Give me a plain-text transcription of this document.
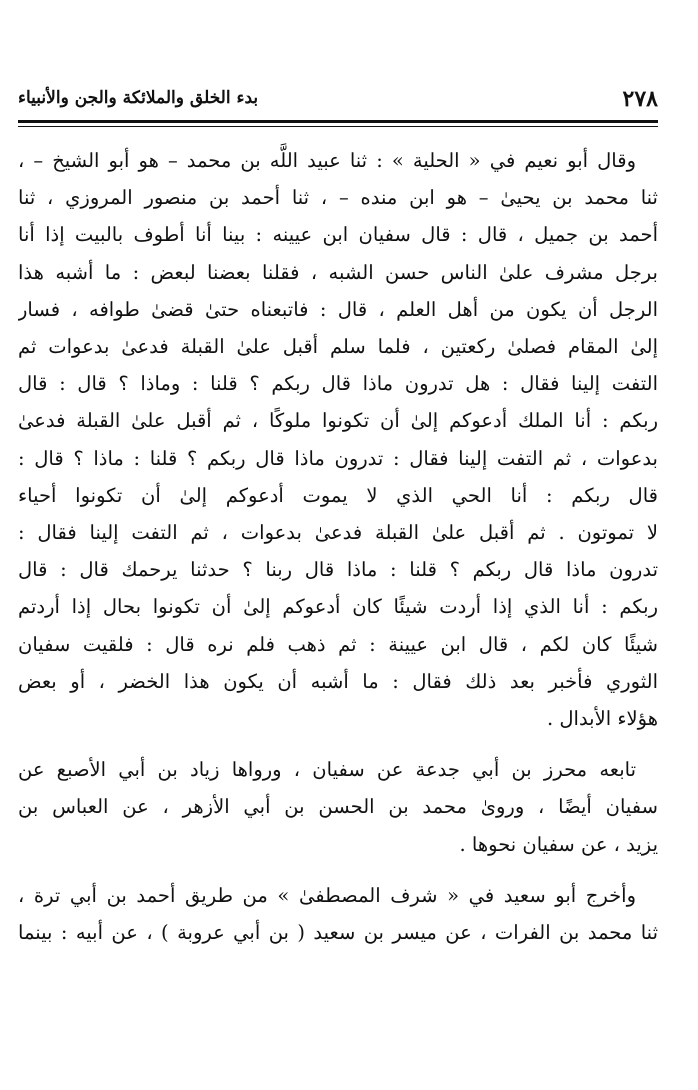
٢٧٨
بدء الخلق والملائكة والجن والأنبياء

وقال أبو نعيم في « الحلية » : ثنا عبيد اللَّه بن محمد – هو أبو الشيخ – ،
ثنا محمد بن يحيىٰ – هو ابن منده – ، ثنا أحمد بن منصور المروزي ، ثنا
أحمد بن جميل ، قال : قال سفيان ابن عيينه : بينا أنا أطوف بالبيت إذا أنا
برجل مشرف علىٰ الناس حسن الشبه ، فقلنا بعضنا لبعض : ما أشبه هذا
الرجل أن يكون من أهل العلم ، قال : فاتبعناه حتىٰ قضىٰ طوافه ، فسار
إلىٰ المقام فصلىٰ ركعتين ، فلما سلم أقبل علىٰ القبلة فدعىٰ بدعوات ثم
التفت إلينا فقال : هل تدرون ماذا قال ربكم ؟ قلنا : وماذا ؟ قال : قال
ربكم : أنا الملك أدعوكم إلىٰ أن تكونوا ملوكًا ، ثم أقبل علىٰ القبلة فدعىٰ
بدعوات ، ثم التفت إلينا فقال : تدرون ماذا قال ربكم ؟ قلنا : ماذا ؟ قال :
قال ربكم : أنا الحي الذي لا يموت أدعوكم إلىٰ أن تكونوا أحياء
لا تموتون . ثم أقبل علىٰ القبلة فدعىٰ بدعوات ، ثم التفت إلينا فقال :
تدرون ماذا قال ربكم ؟ قلنا : ماذا قال ربنا ؟ حدثنا يرحمك قال : قال
ربكم : أنا الذي إذا أردت شيئًا كان أدعوكم إلىٰ أن تكونوا بحال إذا أردتم
شيئًا كان لكم ، قال ابن عيينة : ثم ذهب فلم نره قال : فلقيت سفيان
الثوري فأخبر بعد ذلك فقال : ما أشبه أن يكون هذا الخضر ، أو بعض
هؤلاء الأبدال .

تابعه محرز بن أبي جدعة عن سفيان ، ورواها زياد بن أبي الأصبع عن
سفيان أيضًا ، وروىٰ محمد بن الحسن بن أبي الأزهر ، عن العباس بن
يزيد ، عن سفيان نحوها .

وأخرج أبو سعيد في « شرف المصطفىٰ » من طريق أحمد بن أبي ترة ،
ثنا محمد بن الفرات ، عن ميسر بن سعيد ( بن أبي عروبة ) ، عن أبيه : بينما
